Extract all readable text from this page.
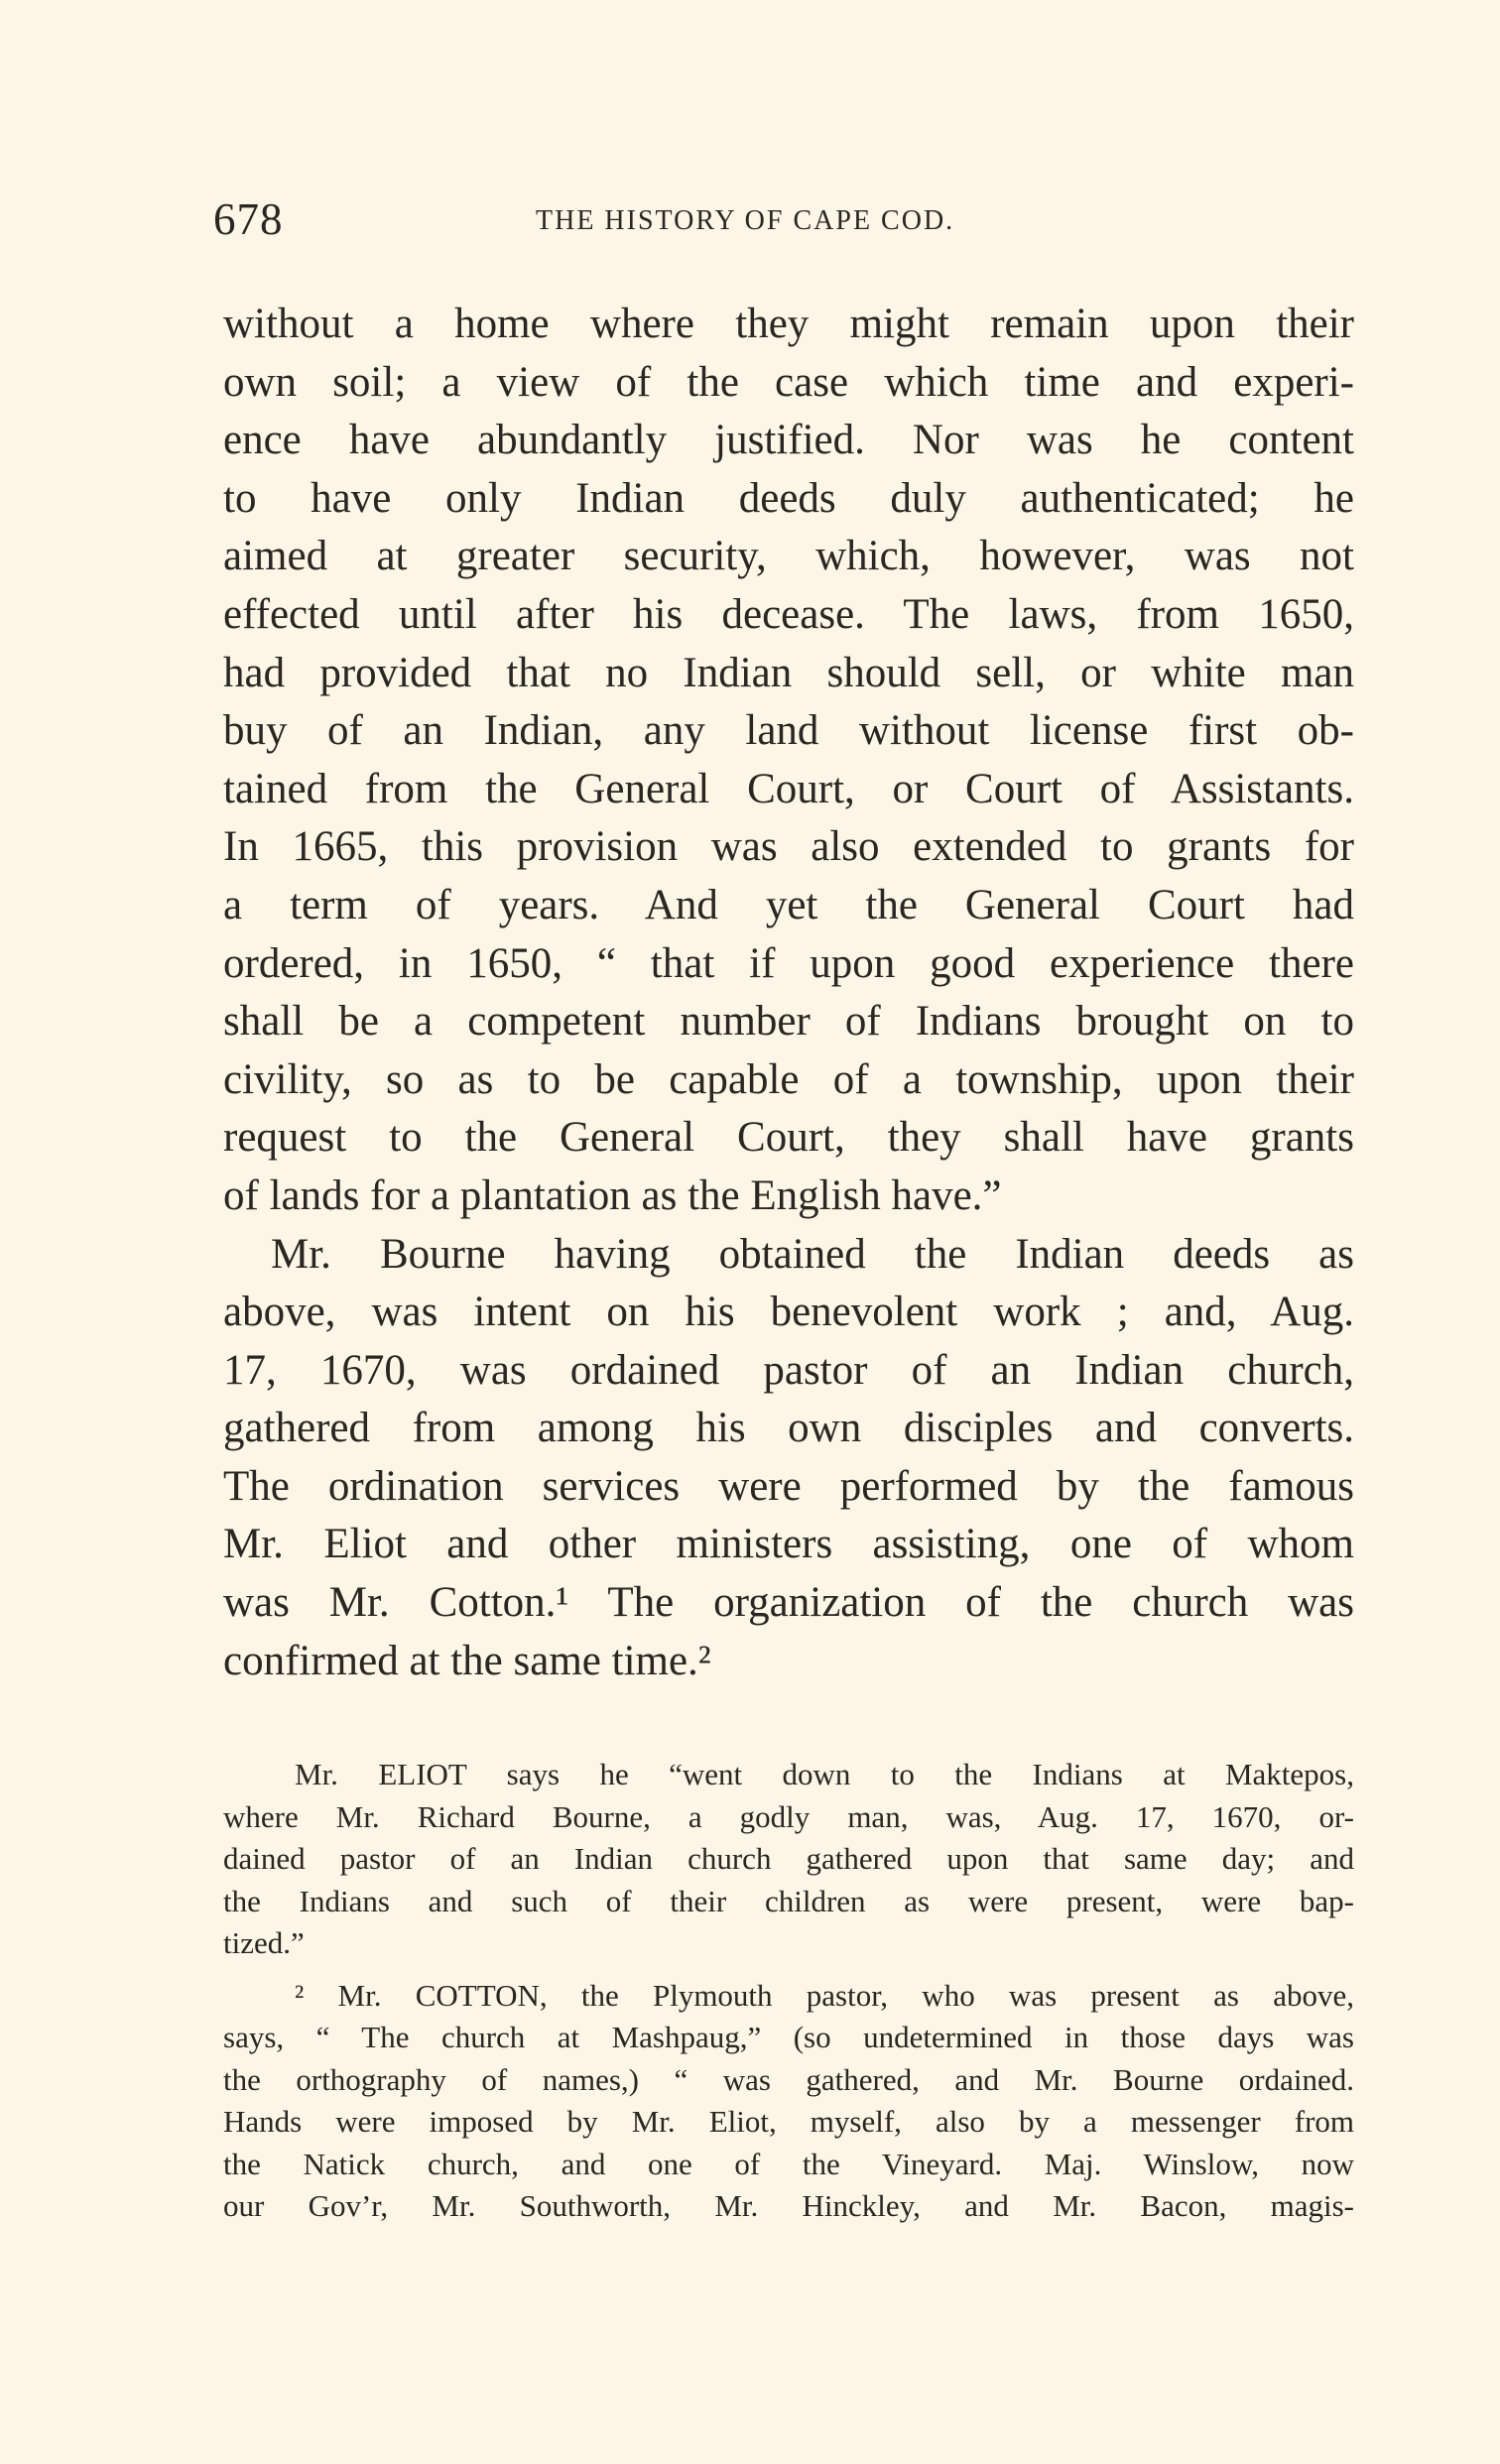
678	THE HISTORY OF CAPE COD.
without a home where they might remain upon their
own soil; a view of the case which time and experi-
ence have abundantly justified. Nor was he content
to have only Indian deeds duly authenticated; he
aimed at greater security, which, however, was not
effected until after his decease. The laws, from 1650,
had provided that no Indian should sell, or white man
buy of an Indian, any land without license first ob-
tained from the General Court, or Court of Assistants.
In 1665, this provision was also extended to grants for
a term of years. And yet the General Court had
ordered, in 1650, “ that if upon good experience there
shall be a competent number of Indians brought on to
civility, so as to be capable of a township, upon their
request to the General Court, they shall have grants
of lands for a plantation as the English have.”
Mr. Bourne having obtained the Indian deeds as
above, was intent on his benevolent work ; and, Aug.
17, 1670, was ordained pastor of an Indian church,
gathered from among his own disciples and converts.
The ordination services were performed by the famous
Mr. Eliot and other ministers assisting, one of whom
was Mr. Cotton.¹ The organization of the church was
confirmed at the same time.²
Mr. ELIOT says he “went down to the Indians at Maktepos,
where Mr. Richard Bourne, a godly man, was, Aug. 17, 1670, or-
dained pastor of an Indian church gathered upon that same day; and
the Indians and such of their children as were present, were bap-
tized.”
² Mr. COTTON, the Plymouth pastor, who was present as above,
says, “ The church at Mashpaug,” (so undetermined in those days was
the orthography of names,) “ was gathered, and Mr. Bourne ordained.
Hands were imposed by Mr. Eliot, myself, also by a messenger from
the Natick church, and one of the Vineyard. Maj. Winslow, now
our Gov’r, Mr. Southworth, Mr. Hinckley, and Mr. Bacon, magis-
